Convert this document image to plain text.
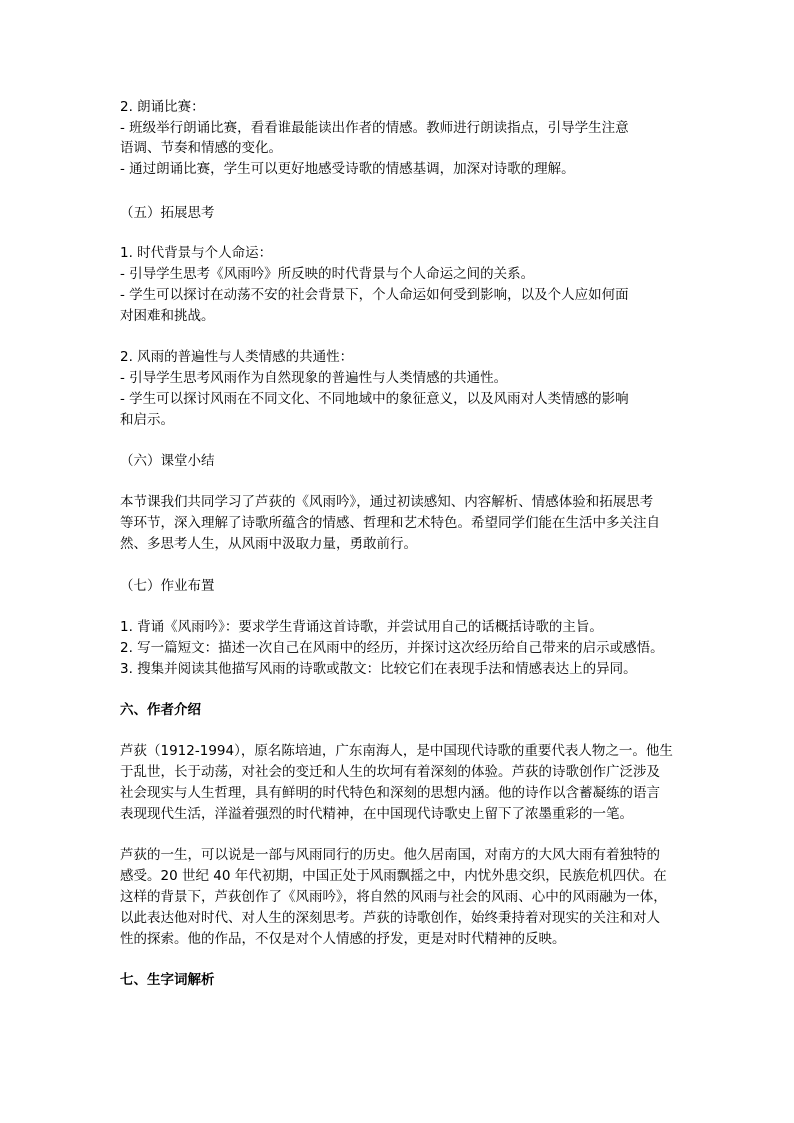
2. 朗诵比赛：
- 班级举行朗诵比赛，看看谁最能读出作者的情感。教师进行朗读指点，引导学生注意
语调、节奏和情感的变化。
- 通过朗诵比赛，学生可以更好地感受诗歌的情感基调，加深对诗歌的理解。
（五）拓展思考
1. 时代背景与个人命运：
- 引导学生思考《风雨吟》所反映的时代背景与个人命运之间的关系。
- 学生可以探讨在动荡不安的社会背景下，个人命运如何受到影响，以及个人应如何面
对困难和挑战。
2. 风雨的普遍性与人类情感的共通性：
- 引导学生思考风雨作为自然现象的普遍性与人类情感的共通性。
- 学生可以探讨风雨在不同文化、不同地域中的象征意义，以及风雨对人类情感的影响
和启示。
（六）课堂小结
本节课我们共同学习了芦荻的《风雨吟》，通过初读感知、内容解析、情感体验和拓展思考
等环节，深入理解了诗歌所蕴含的情感、哲理和艺术特色。希望同学们能在生活中多关注自
然、多思考人生，从风雨中汲取力量，勇敢前行。
（七）作业布置
1. 背诵《风雨吟》：要求学生背诵这首诗歌，并尝试用自己的话概括诗歌的主旨。
2. 写一篇短文：描述一次自己在风雨中的经历，并探讨这次经历给自己带来的启示或感悟。
3. 搜集并阅读其他描写风雨的诗歌或散文：比较它们在表现手法和情感表达上的异同。
六、作者介绍
芦荻（1912-1994），原名陈培迪，广东南海人，是中国现代诗歌的重要代表人物之一。他生
于乱世，长于动荡，对社会的变迁和人生的坎坷有着深刻的体验。芦荻的诗歌创作广泛涉及
社会现实与人生哲理，具有鲜明的时代特色和深刻的思想内涵。他的诗作以含蓄凝练的语言
表现现代生活，洋溢着强烈的时代精神，在中国现代诗歌史上留下了浓墨重彩的一笔。
芦荻的一生，可以说是一部与风雨同行的历史。他久居南国，对南方的大风大雨有着独特的
感受。20 世纪 40 年代初期，中国正处于风雨飘摇之中，内忧外患交织，民族危机四伏。在
这样的背景下，芦荻创作了《风雨吟》，将自然的风雨与社会的风雨、心中的风雨融为一体，
以此表达他对时代、对人生的深刻思考。芦荻的诗歌创作，始终秉持着对现实的关注和对人
性的探索。他的作品，不仅是对个人情感的抒发，更是对时代精神的反映。
七、生字词解析
